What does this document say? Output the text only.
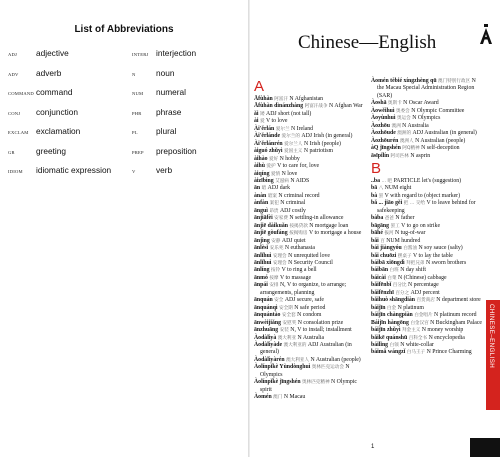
List of Abbreviations
ADJ	adjective
ADV	adverb
COMMAND command
CONJ	conjunction
EXCLAM exclamation
GR	greeting
IDIOM	idiomatic expression
INTERJ interjection
N	noun
NUM	numeral
PHR	phrase
PL	plural
PREP	preposition
V	verb
Chinese—English
A
Āfùhàn 阿富汗 N Afghanistan
Āfùhàn dìnánzhàng 阿富汗战争 N Afghan War
ǎi 矮 ADJ short (not tall)
ài 爱 V to love
Ài'ěrlán 爱尔兰 N Ireland
Ài'ěrlánde 爱尔兰的 ADJ Irish (in general)
Ài'ěrlánrén 爱尔兰人 N Irish (people)
àiguó zhǔyì 爱国主义 N patriotism
àihào 爱好 N hobby
àihù 爱护 V to care for, love
àiqíng 爱情 N love
àizībìng 艾滋病 N AIDS
ān 暗 ADJ dark
ànàn 暗案 N criminal record
ànfàn 案犯 N criminal
ānguì 昂贵 ADJ costly
ānjiāfèi 安家费 N settling-in allowance
ānjiē dàikuǎn 按揭贷款 N mortgage loan
ānjiē gòufáng 按揭购房 V to mortgage a house
ānjìng 安静 ADJ quiet
ānlèsǐ 安乐死 N euthanasia
ānlǐhuì 安理会 N unrequited love
ānlǐhuì 安理会 N Security Council
ānlíng 按铃 V to ring a bell
ānmó 按摩 V to massage
ānpái 安排 N, V to organize, to arrange; arrangements, planning
ānquán 安全 ADJ secure, safe
ānquánqì 安全期 N safe period
ānquántào 安全套 N condom
ānwèijiǎng 安慰奖 N consolation prize
ānzhuāng 安装 N, V to install; installment
Àodàlìyà 澳大利亚 N Australia
Àodàlìyàde 澳大利亚的 ADJ Australian (in general)
Àodàlìyàrén 澳大利亚人 N Australian (people)
Àolínpǐkè Yùndònghuì 奥林匹克运动会 N Olympics
Àolínpǐkè jīngshén 奥林匹克精神 N Olympic spirit
Àomén 澳门 N Macau
Àomén tèbié xíngzhèng qū 澳门特别行政区 N the Macau Special Administration Region (SAR)
Àoshā 奥斯卡 N Oscar Award
Àowěihuì 奥委会 N Olympic Committee
Àoyùnhuì 奥运会 N Olympics
Àozhōu 澳洲 N Australia
Àozhōude 澳洲的 ADJ Australian (in general)
Àozhōurén 澳洲人 N Australian (people)
àQ jīngshén 阿Q精神 N self-deception
āsīpǐlín 阿司匹林 N asprin
B
..ba … 吧 PARTICLE let's (suggestion)
bā 八 NUM eight
bà 罢 V with regard to (object marker)
bǎ ... jiāo gěi 把 … 交给 V to leave behind for safekeeping
bàba 爸爸 N father
bāgāng 罢工 V to go on strike
bāhé 拔河 N tug-of-war
bǎi 百 NUM hundred
bái jiàngyóu 白酱油 N soy sauce (salty)
bǎi chuōzi 摆桌子 V to lay the table
báibā xiōngdì 拜把兄弟 N sworn brothers
báibān 白班 N day shift
báicài 白菜 N (Chinese) cabbage
bǎifēnbǐ 百分比 N percentage
bǎifēnzhī 百分之 ADJ percent
bǎihuò shāngdiàn 百货商店 N department store
báijīn 白金 N platinum
báijīn chàngpiàn 白金唱片 N platinum record
Báijīn hàngōng 白金汉宫 N Buckingham Palace
báijīn zhǔyì 拜金主义 N money worship
bǎikē quánshū 百科全书 N encyclopedia
báilǐng 白领 N white-collar
báimǎ wángzǐ 白马王子 N Prince Charming	CHINESE–ENGLISH
1
